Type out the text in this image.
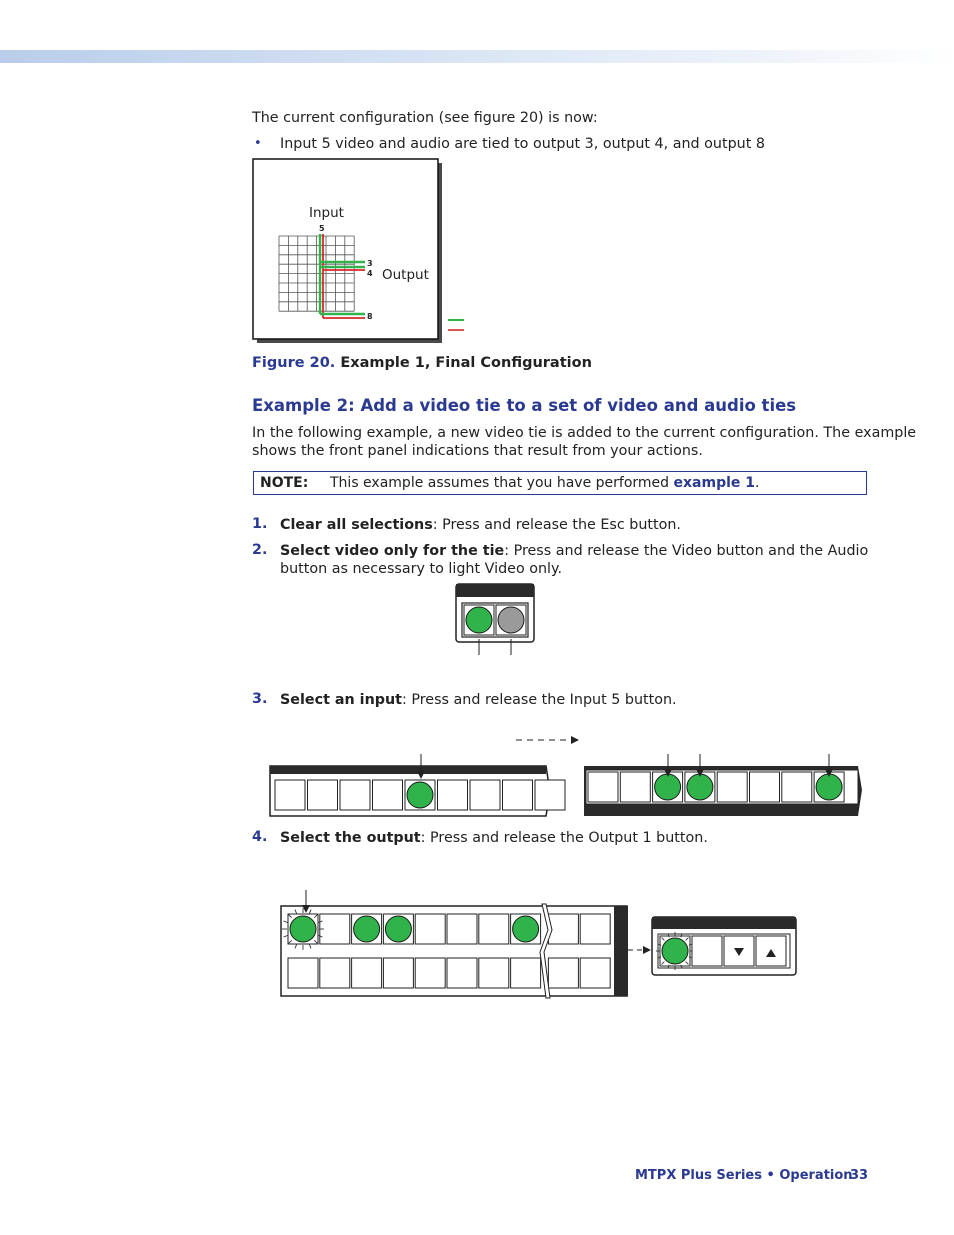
The current configuration (see figure 20) is now:
• Input 5 video and audio are tied to output 3, output 4, and output 8
Input
Output
5
3
4
8
Figure 20. Example 1, Final Configuration
Example 2: Add a video tie to a set of video and audio ties
In the following example, a new video tie is added to the current configuration. The example
shows the front panel indications that result from your actions.
NOTE: This example assumes that you have performed example 1.
1. Clear all selections: Press and release the Esc button.
2. Select video only for the tie: Press and release the Video button and the Audio
button as necessary to light Video only.
3. Select an input: Press and release the Input 5 button.
4. Select the output: Press and release the Output 1 button.
MTPX Plus Series • Operation
33
